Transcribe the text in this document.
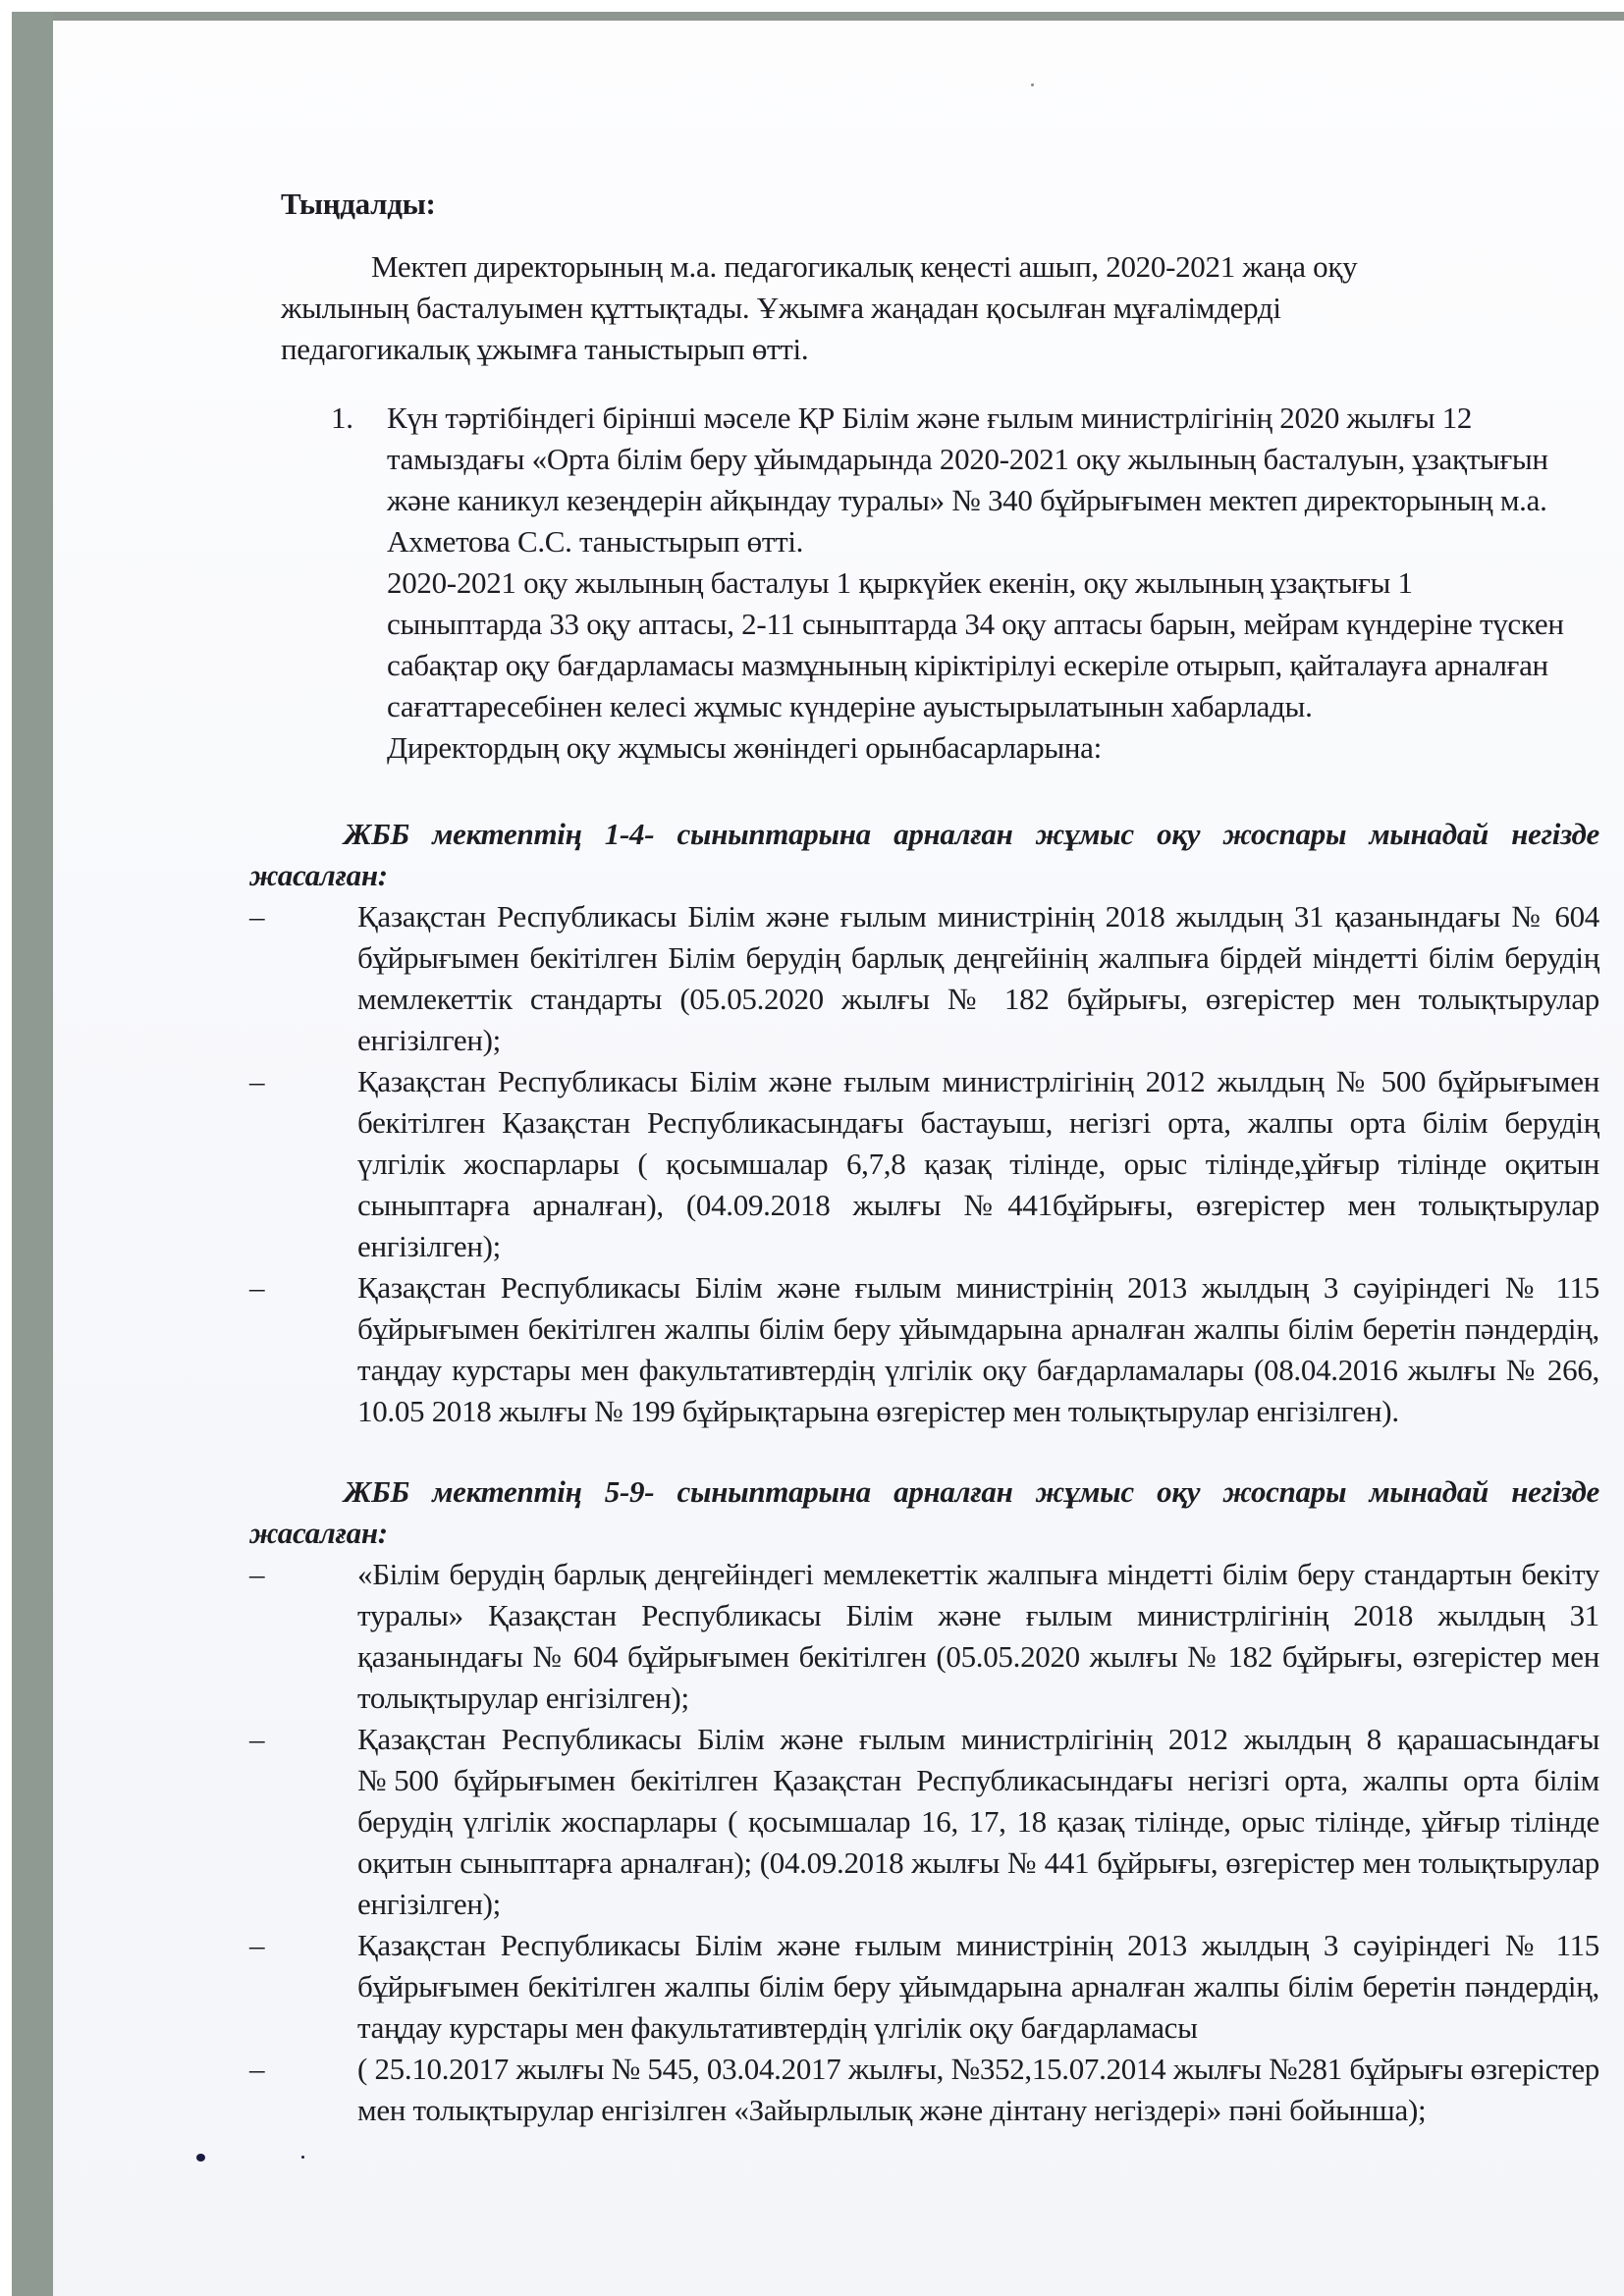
Тыңдалды:
Мектеп директорының м.а. педагогикалық кеңесті ашып, 2020-2021 жаңа оқу жылының басталуымен құттықтады. Ұжымға жаңадан қосылған мұғалімдерді педагогикалық ұжымға таныстырып өтті.
1. Күн тәртібіндегі бірінші мәселе ҚР Білім және ғылым министрлігінің 2020 жылғы 12 тамыздағы «Орта білім беру ұйымдарында 2020-2021 оқу жылының басталуын, ұзақтығын және каникул кезеңдерін айқындау туралы» № 340 бұйрығымен мектеп директорының м.а. Ахметова С.С. таныстырып өтті.

2020-2021 оқу жылының басталуы 1 қыркүйек екенін, оқу жылының ұзақтығы 1 сыныптарда 33 оқу аптасы, 2-11 сыныптарда 34 оқу аптасы барын, мейрам күндеріне түскен сабақтар оқу бағдарламасы мазмұнының кіріктірілуі ескеріле отырып, қайталауға арналған сағаттаресебінен келесі жұмыс күндеріне ауыстырылатынын хабарлады.

Директордың оқу жұмысы жөніндегі орынбасарларына:

ЖББ мектептің 1-4- сыныптарына арналған жұмыс оқу жоспары мынадай негізде жасалған:

–	Қазақстан Республикасы Білім және ғылым министрінің 2018 жылдың 31 қазанындағы № 604 бұйрығымен бекітілген Білім берудің барлық деңгейінің жалпыға бірдей міндетті білім берудің мемлекеттік стандарты (05.05.2020 жылғы № 182 бұйрығы, өзгерістер мен толықтырулар енгізілген);
–	Қазақстан Республикасы Білім және ғылым министрлігінің 2012 жылдың № 500 бұйрығымен бекітілген Қазақстан Республикасындағы бастауыш, негізгі орта, жалпы орта білім берудің үлгілік жоспарлары ( қосымшалар 6,7,8 қазақ тілінде, орыс тілінде,ұйғыр тілінде оқитын сыныптарға арналған), (04.09.2018 жылғы №441бұйрығы, өзгерістер мен толықтырулар енгізілген);
–	Қазақстан Республикасы Білім және ғылым министрінің 2013 жылдың 3 сәуіріндегі № 115 бұйрығымен бекітілген жалпы білім беру ұйымдарына арналған жалпы білім беретін пәндердің, таңдау курстары мен факультативтердің үлгілік оқу бағдарламалары (08.04.2016 жылғы № 266, 10.05 2018 жылғы № 199 бұйрықтарына өзгерістер мен толықтырулар енгізілген).

ЖББ мектептің 5-9- сыныптарына арналған жұмыс оқу жоспары мынадай негізде жасалған:

–	«Білім берудің барлық деңгейіндегі мемлекеттік жалпыға міндетті білім беру стандартын бекіту туралы» Қазақстан Республикасы Білім және ғылым министрлігінің 2018 жылдың 31 қазанындағы № 604 бұйрығымен бекітілген (05.05.2020 жылғы № 182 бұйрығы, өзгерістер мен толықтырулар енгізілген);
–	Қазақстан Республикасы Білім және ғылым министрлігінің 2012 жылдың 8 қарашасындағы №500 бұйрығымен бекітілген Қазақстан Республикасындағы негізгі орта, жалпы орта білім берудің үлгілік жоспарлары ( қосымшалар 16, 17, 18 қазақ тілінде, орыс тілінде, ұйғыр тілінде оқитын сыныптарға арналған); (04.09.2018 жылғы № 441 бұйрығы, өзгерістер мен толықтырулар енгізілген);
–	Қазақстан Республикасы Білім және ғылым министрінің 2013 жылдың 3 сәуіріндегі № 115 бұйрығымен бекітілген жалпы білім беру ұйымдарына арналған жалпы білім беретін пәндердің, таңдау курстары мен факультативтердің үлгілік оқу бағдарламасы
–	( 25.10.2017 жылғы № 545, 03.04.2017 жылғы, №352,15.07.2014 жылғы №281 бұйрығы өзгерістер мен толықтырулар енгізілген «Зайырлылық және дінтану негіздері» пәні бойынша);
